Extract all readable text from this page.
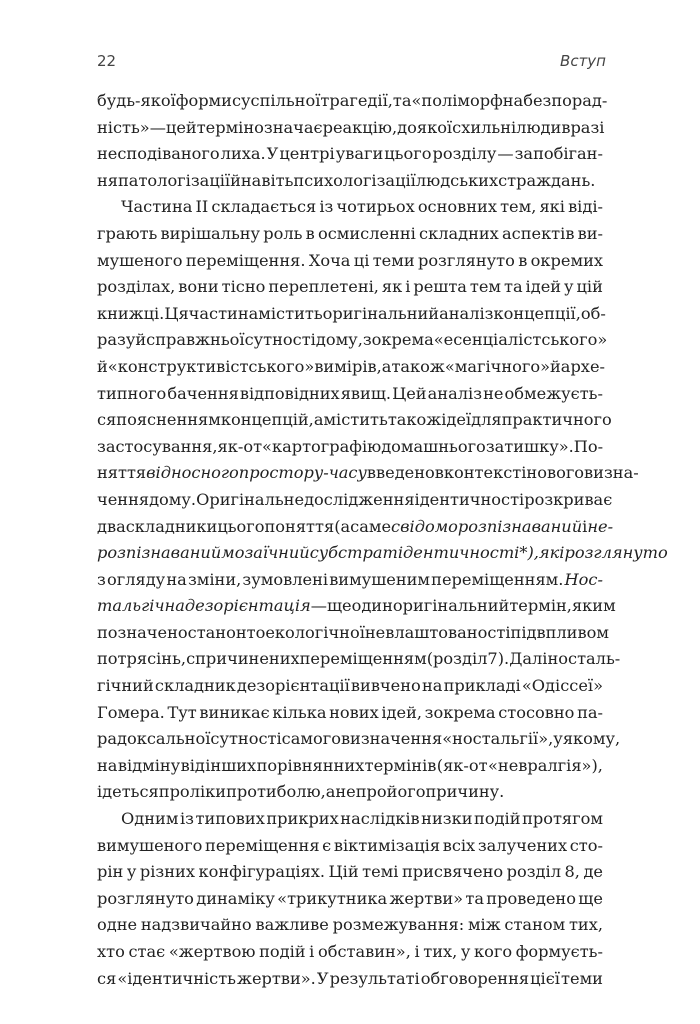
22	Вступ
будь-якої форми суспільної трагедії, та «поліморфна безпорад-
ність» — цей термін означає реакцію, до якої схильні люди в разі
несподіваного лиха. У центрі уваги цього розділу — запобіган-
ня патологізації й навіть психологізації людських страждань.
Частина II складається із чотирьох основних тем, які віді-
грають вирішальну роль в осмисленні складних аспектів ви-
мушеного переміщення. Хоча ці теми розглянуто в окремих
розділах, вони тісно переплетені, як і решта тем та ідей у цій
книжці. Ця частина містить оригінальний аналіз концепції, об-
разу й справжньої сутності дому, зокрема «есенціалістського»
й «конструктивістського» вимірів, а також «магічного» й архе-
типного бачення відповідних явищ. Цей аналіз не обмежуєть-
ся поясненням концепцій, а містить також ідеї для практичного
застосування, як-от «картографію домашнього затишку». По-
няття відносного простору-часу введено в контексті нового визна-
чення дому. Оригінальне дослідження ідентичності розкриває
два складники цього поняття (а саме свідомо розпізнаваний і не-
розпізнаваний мозаїчний субстрат ідентичності*), які розглянуто
з огляду на зміни, зумовлені вимушеним переміщенням. Нос-
тальгічна дезорієнтація — ще один оригінальний термін, яким
позначено стан онтоекологічної невлаштованості під впливом
потрясінь, спричинених переміщенням (розділ 7). Далі носталь-
гічний складник дезорієнтації вивчено на прикладі «Одіссеї»
Гомера. Тут виникає кілька нових ідей, зокрема стосовно па-
радоксальної сутності самого визначення «ностальгії», у якому,
на відміну від інших порівнянних термінів (як-от «невралгія»),
ідеться про ліки проти болю, а не про його причину.
Одним із типових прикрих наслідків низки подій протягом
вимушеного переміщення є віктимізація всіх залучених сто-
рін у різних конфігураціях. Цій темі присвячено розділ 8, де
розглянуто динаміку «трикутника жертви» та проведено ще
одне надзвичайно важливе розмежування: між станом тих,
хто стає «жертвою подій і обставин», і тих, у кого формуєть-
ся «ідентичність жертви». У результаті обговорення цієї теми
